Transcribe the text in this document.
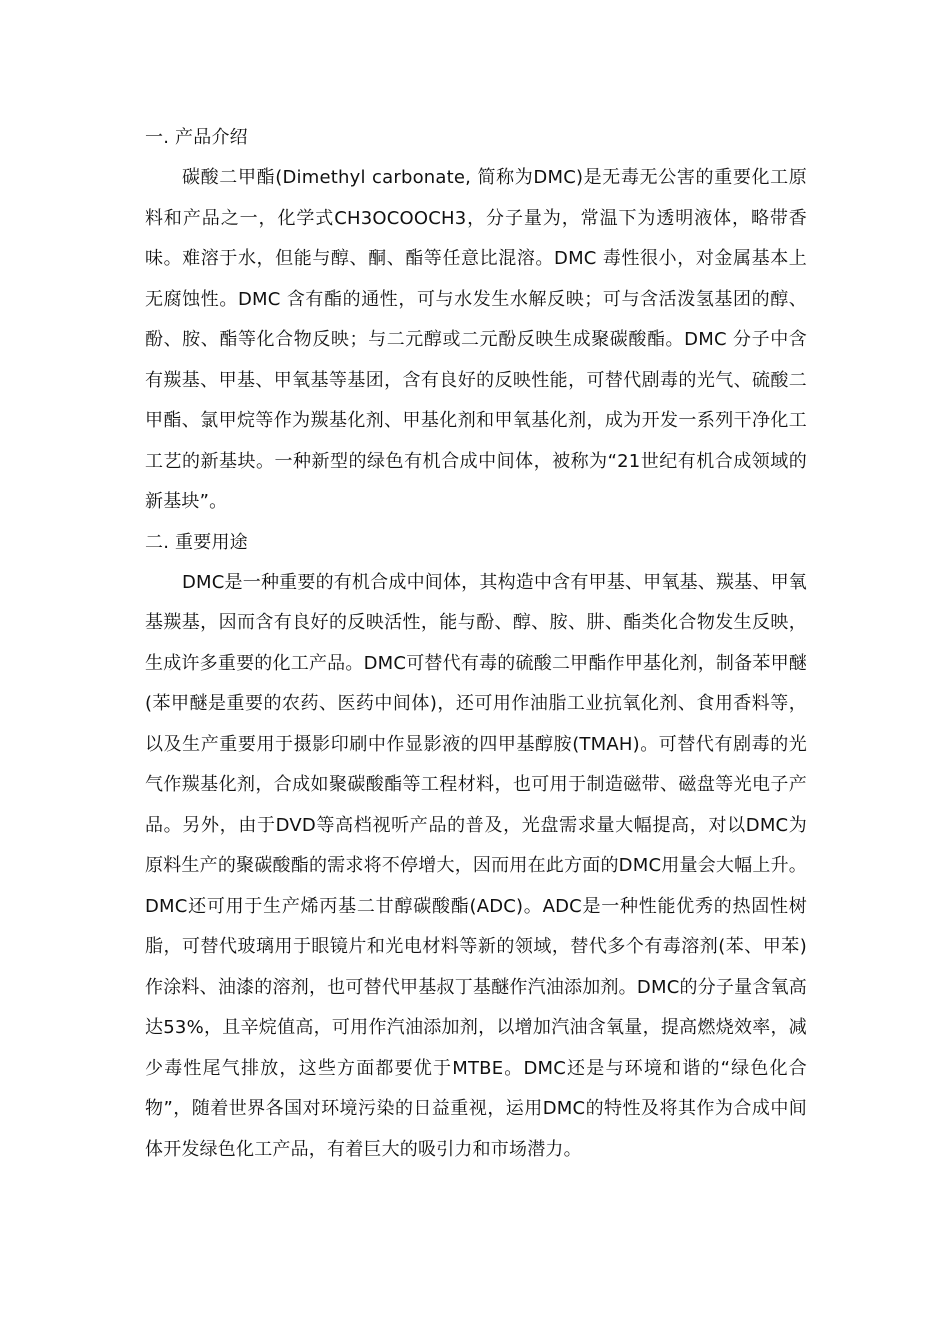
一. 产品介绍

碳酸二甲酯(Dimethyl carbonate, 简称为DMC)是无毒无公害的重要化工原料和产品之一，化学式CH3OCOOCH3，分子量为，常温下为透明液体，略带香味。难溶于水，但能与醇、酮、酯等任意比混溶。DMC 毒性很小，对金属基本上无腐蚀性。DMC 含有酯的通性，可与水发生水解反映；可与含活泼氢基团的醇、酚、胺、酯等化合物反映；与二元醇或二元酚反映生成聚碳酸酯。DMC 分子中含有羰基、甲基、甲氧基等基团，含有良好的反映性能，可替代剧毒的光气、硫酸二甲酯、氯甲烷等作为羰基化剂、甲基化剂和甲氧基化剂，成为开发一系列干净化工工艺的新基块。一种新型的绿色有机合成中间体，被称为“21世纪有机合成领域的新基块”。

二. 重要用途

DMC是一种重要的有机合成中间体，其构造中含有甲基、甲氧基、羰基、甲氧基羰基，因而含有良好的反映活性，能与酚、醇、胺、肼、酯类化合物发生反映，生成许多重要的化工产品。DMC可替代有毒的硫酸二甲酯作甲基化剂，制备苯甲醚(苯甲醚是重要的农药、医药中间体)，还可用作油脂工业抗氧化剂、食用香料等，以及生产重要用于摄影印刷中作显影液的四甲基醇胺(TMAH)。可替代有剧毒的光气作羰基化剂，合成如聚碳酸酯等工程材料，也可用于制造磁带、磁盘等光电子产品。另外，由于DVD等高档视听产品的普及，光盘需求量大幅提高，对以DMC为原料生产的聚碳酸酯的需求将不停增大，因而用在此方面的DMC用量会大幅上升。DMC还可用于生产烯丙基二甘醇碳酸酯(ADC)。ADC是一种性能优秀的热固性树脂，可替代玻璃用于眼镜片和光电材料等新的领域，替代多个有毒溶剂(苯、甲苯)作涂料、油漆的溶剂，也可替代甲基叔丁基醚作汽油添加剂。DMC的分子量含氧高达53%，且辛烷值高，可用作汽油添加剂，以增加汽油含氧量，提高燃烧效率，减少毒性尾气排放，这些方面都要优于MTBE。DMC还是与环境和谐的“绿色化合物”，随着世界各国对环境污染的日益重视，运用DMC的特性及将其作为合成中间体开发绿色化工产品，有着巨大的吸引力和市场潜力。
